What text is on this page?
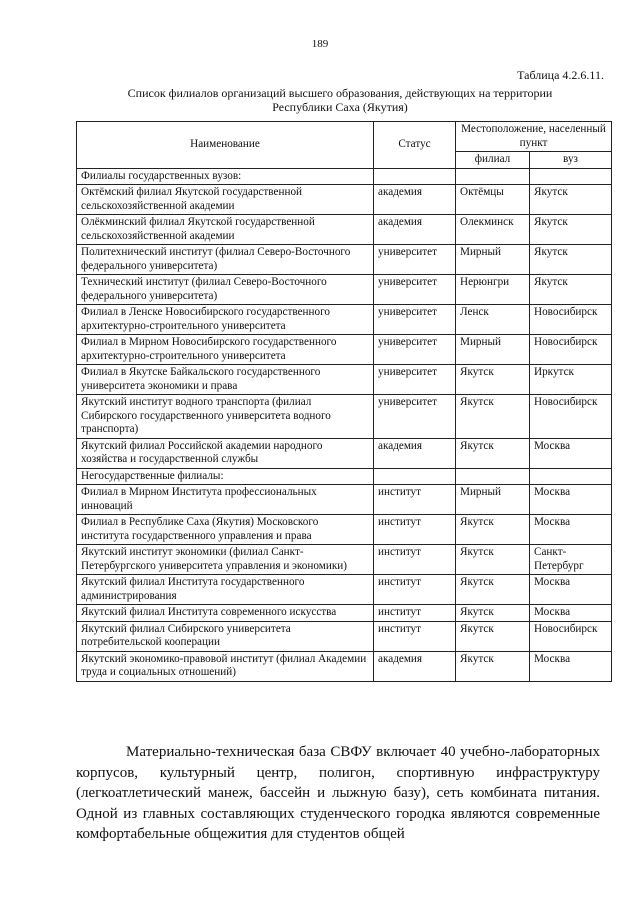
189
Таблица 4.2.6.11.
Список филиалов организаций высшего образования, действующих на территории
Республики Саха (Якутия)
Наименование	Статус	Местоположение, населенный пункт	
		филиал	вуз
Филиалы государственных вузов:			
Октёмский филиал Якутской государственной сельскохозяйственной академии	академия	Октёмцы	Якутск
Олёкминский филиал Якутской государственной сельскохозяйственной академии	академия	Олекминск	Якутск
Политехнический институт (филиал Северо-Восточного федерального университета)	университет	Мирный	Якутск
Технический институт (филиал Северо-Восточного федерального университета)	университет	Нерюнгри	Якутск
Филиал в Ленске Новосибирского государственного архитектурно-строительного университета	университет	Ленск	Новосибирск
Филиал в Мирном Новосибирского государственного архитектурно-строительного университета	университет	Мирный	Новосибирск
Филиал в Якутске Байкальского государственного университета экономики и права	университет	Якутск	Иркутск
Якутский институт водного транспорта (филиал Сибирского государственного университета водного транспорта)	университет	Якутск	Новосибирск
Якутский филиал Российской академии народного хозяйства и государственной службы	академия	Якутск	Москва
Негосударственные филиалы:			
Филиал в Мирном Института профессиональных инноваций	институт	Мирный	Москва
Филиал в Республике Саха (Якутия) Московского института государственного управления и права	институт	Якутск	Москва
Якутский институт экономики (филиал Санкт-Петербургского университета управления и экономики)	институт	Якутск	Санкт-Петербург
Якутский филиал Института государственного администрирования	институт	Якутск	Москва
Якутский филиал Института современного искусства	институт	Якутск	Москва
Якутский филиал Сибирского университета потребительской кооперации	институт	Якутск	Новосибирск
Якутский экономико-правовой институт (филиал Академии труда и социальных отношений)	академия	Якутск	Москва
Материально-техническая база СВФУ включает 40 учебно-лабораторных корпусов, культурный центр, полигон, спортивную инфраструктуру (легкоатлетический манеж, бассейн и лыжную базу), сеть комбината питания. Одной из главных составляющих студенческого городка являются современные комфортабельные общежития для студентов общей
